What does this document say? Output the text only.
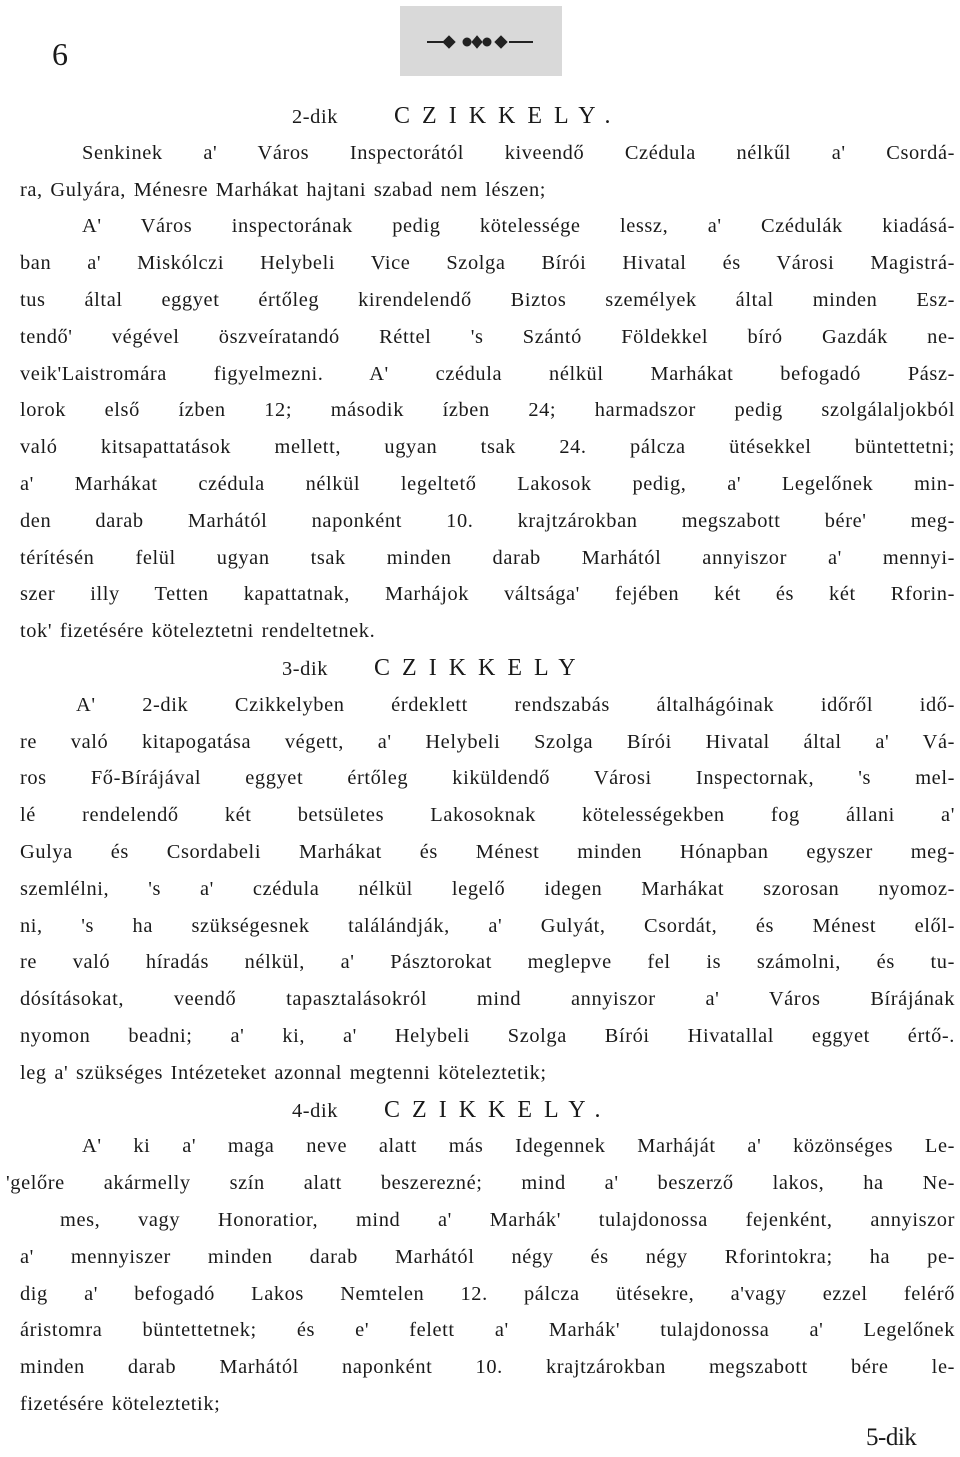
6
2-dik CZIKKELY.
Senkinek a' Város Inspectorától kiveendő Czédula nélkűl a' Csordá-
ra, Gulyára, Ménesre Marhákat hajtani szabad nem lészen;
A' Város inspectorának pedig kötelessége lessz, a' Czédulák kiadásá-
ban a' Miskólczi Helybeli Vice Szolga Bírói Hivatal és Városi Magistrá-
tus által eggyet értőleg kirendelendő Biztos személyek által minden Esz-
tendő' végével öszveíratandó Réttel 's Szántó Földekkel bíró Gazdák ne-
veik'Laistromára figyelmezni. A' czédula nélkül Marhákat befogadó Pász-
lorok első ízben 12; második ízben 24; harmadszor pedig szolgálaljokból
való kitsapattatások mellett, ugyan tsak 24. pálcza ütésekkel büntettetni;
a' Marhákat czédula nélkül legeltető Lakosok pedig, a' Legelőnek min-
den darab Marhától naponként 10. krajtzárokban megszabott bére' meg-
térítésén felül ugyan tsak minden darab Marhától annyiszor a' mennyi-
szer illy Tetten kapattatnak, Marhájok váltsága' fejében két és két Rforin-
tok' fizetésére köteleztetni rendeltetnek.
3-dik CZIKKELY
A' 2-dik Czikkelyben érdeklett rendszabás általhágóinak időről idő-
re való kitapogatása végett, a' Helybeli Szolga Bírói Hivatal által a' Vá-
ros Fő-Bírájával eggyet értőleg kiküldendő Városi Inspectornak, 's mel-
lé rendelendő két betsületes Lakosoknak kötelességekben fog állani a'
Gulya és Csordabeli Marhákat és Ménest minden Hónapban egyszer meg-
szemlélni, 's a' czédula nélkül legelő idegen Marhákat szorosan nyomoz-
ni, 's ha szükségesnek találándják, a' Gulyát, Csordát, és Ménest elől-
re való híradás nélkül, a' Pásztorokat meglepve fel is számolni, és tu-
dósításokat, veendő tapasztalásokról mind annyiszor a' Város Bírájának
nyomon beadni; a' ki, a' Helybeli Szolga Bírói Hivatallal eggyet értő-.
leg a' szükséges Intézeteket azonnal megtenni köteleztetik;
4-dik CZIKKELY.
A' ki a' maga neve alatt más Idegennek Marháját a' közönséges Le-
'gelőre akármelly szín alatt beszerezné; mind a' beszerző lakos, ha Ne-
mes, vagy Honoratior, mind a' Marhák' tulajdonossa fejenként, annyiszor
a' mennyiszer minden darab Marhától négy és négy Rforintokra; ha pe-
dig a' befogadó Lakos Nemtelen 12. pálcza ütésekre, a'vagy ezzel felérő
áristomra büntettetnek; és e' felett a' Marhák' tulajdonossa a' Legelőnek
minden darab Marhától naponként 10. krajtzárokban megszabott bére le-
fizetésére köteleztetik;
5-dik
